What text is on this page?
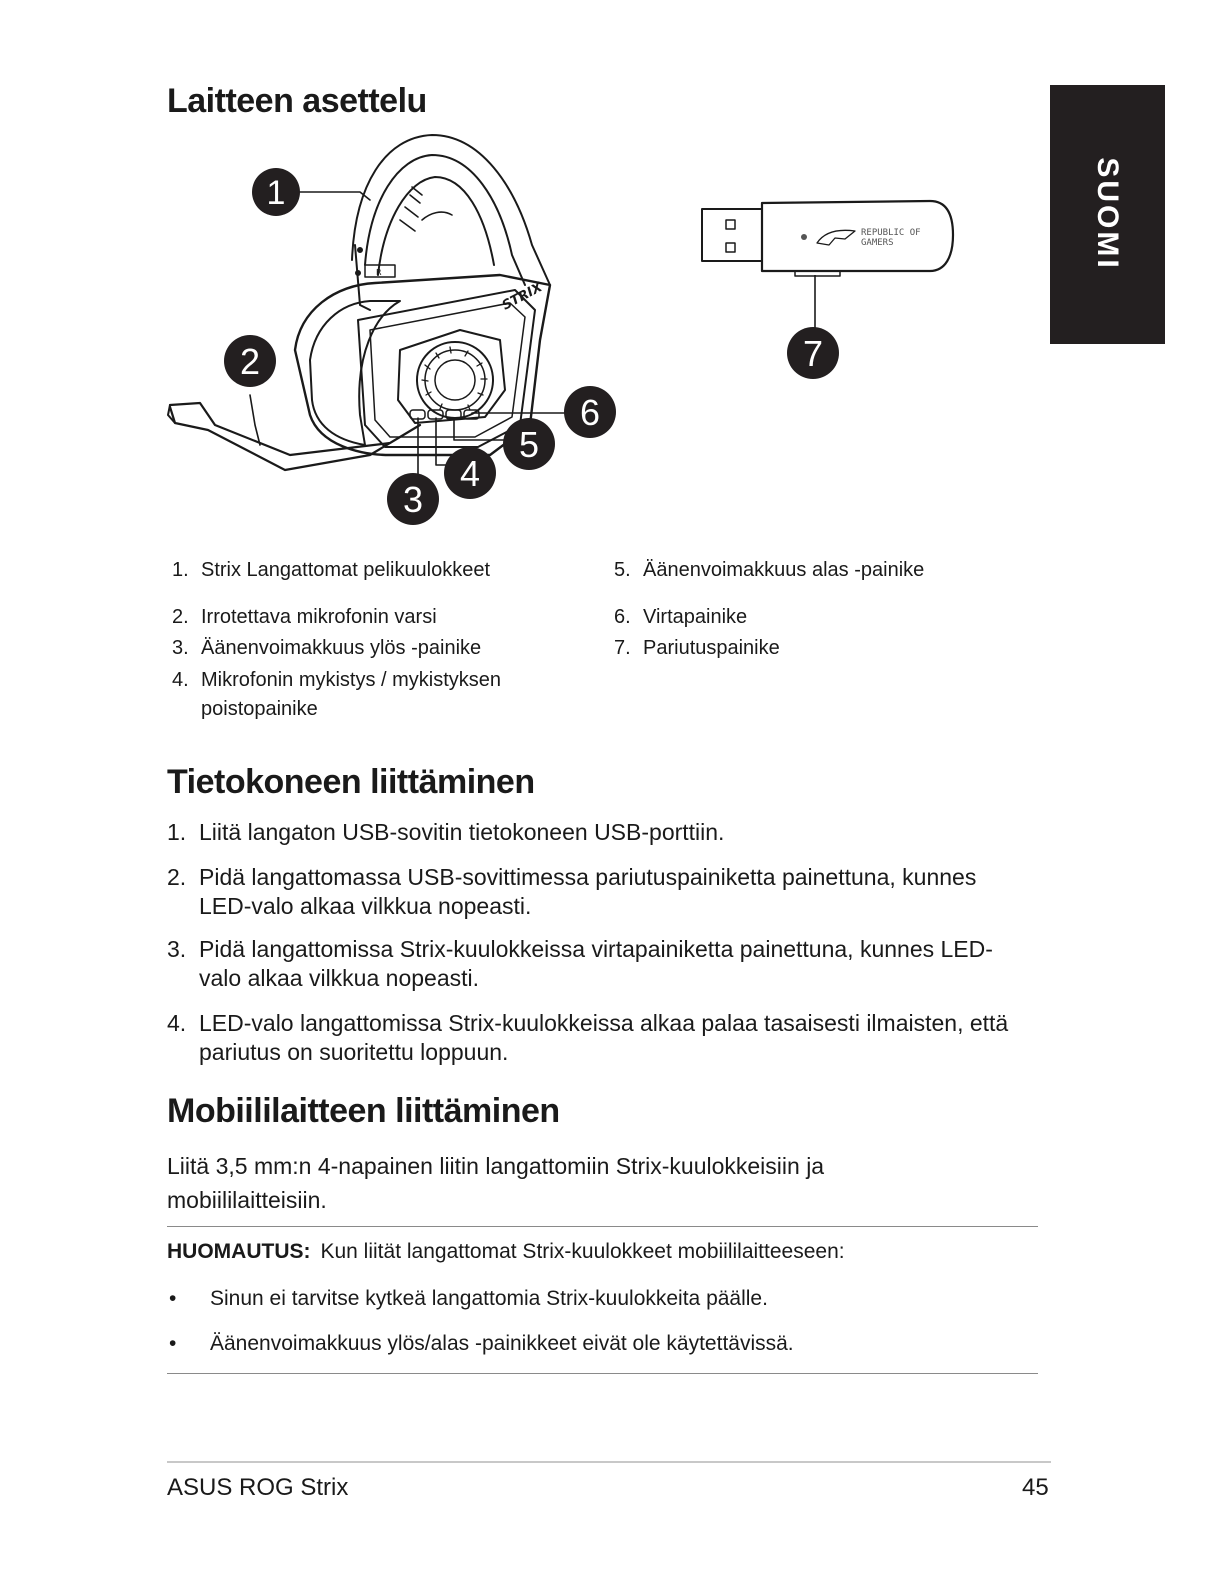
SUOMI
Laitteen asettelu
R
STRIX
1
2
3
4
5
6
REPUBLIC OF
GAMERS
7
1. Strix Langattomat pelikuulokkeet
2. Irrotettava mikrofonin varsi
3. Äänenvoimakkuus ylös -painike
4. Mikrofonin mykistys / mykistyksen
poistopainike
5. Äänenvoimakkuus alas -painike
6. Virtapainike
7. Pariutuspainike
Tietokoneen liittäminen
1. Liitä langaton USB-sovitin tietokoneen USB-porttiin.
2. Pidä langattomassa USB-sovittimessa pariutuspainiketta painettuna, kunnes
LED-valo alkaa vilkkua nopeasti.
3. Pidä langattomissa Strix-kuulokkeissa virtapainiketta painettuna, kunnes LED-
valo alkaa vilkkua nopeasti.
4. LED-valo langattomissa Strix-kuulokkeissa alkaa palaa tasaisesti ilmaisten, että
pariutus on suoritettu loppuun.
Mobiililaitteen liittäminen
Liitä 3,5 mm:n 4-napainen liitin langattomiin Strix-kuulokkeisiin ja
mobiililaitteisiin.
HUOMAUTUS: Kun liität langattomat Strix-kuulokkeet mobiililaitteeseen:
• Sinun ei tarvitse kytkeä langattomia Strix-kuulokkeita päälle.
• Äänenvoimakkuus ylös/alas -painikkeet eivät ole käytettävissä.
ASUS ROG Strix	45
